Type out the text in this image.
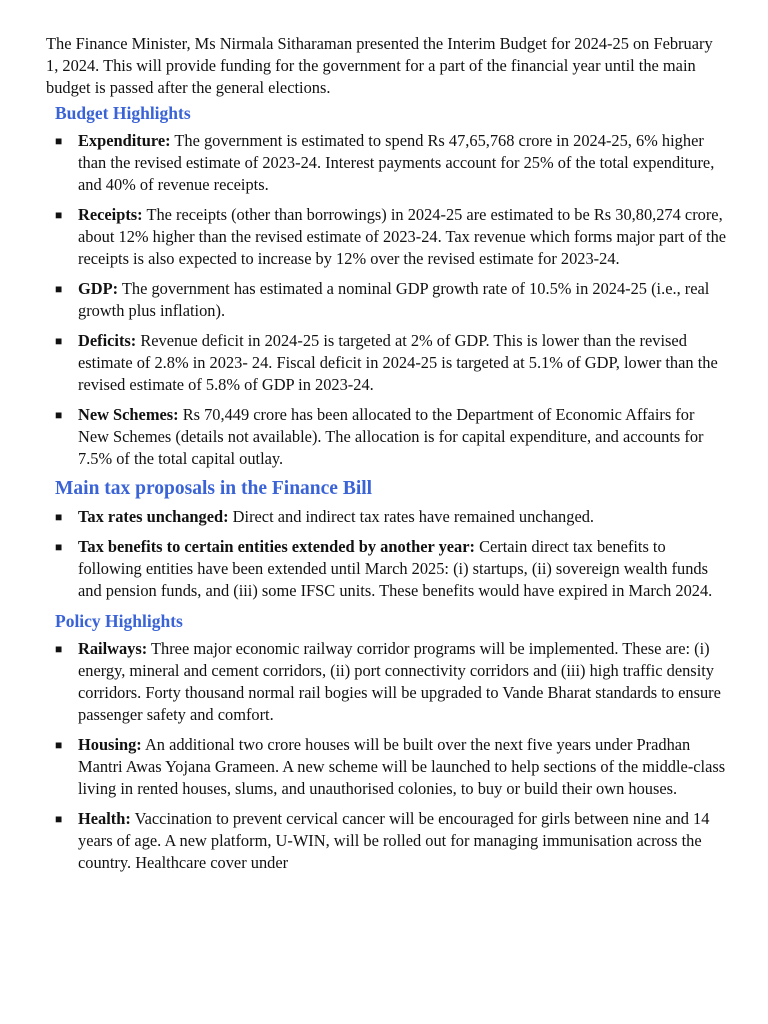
The Finance Minister, Ms Nirmala Sitharaman presented the Interim Budget for 2024-25 on February 1, 2024. This will provide funding for the government for a part of the financial year until the main budget is passed after the general elections.

Budget Highlights
■ Expenditure: The government is estimated to spend Rs 47,65,768 crore in 2024-25, 6% higher than the revised estimate of 2023-24. Interest payments account for 25% of the total expenditure, and 40% of revenue receipts.
■ Receipts: The receipts (other than borrowings) in 2024-25 are estimated to be Rs 30,80,274 crore, about 12% higher than the revised estimate of 2023-24. Tax revenue which forms major part of the receipts is also expected to increase by 12% over the revised estimate for 2023-24.
■ GDP: The government has estimated a nominal GDP growth rate of 10.5% in 2024-25 (i.e., real growth plus inflation).
■ Deficits: Revenue deficit in 2024-25 is targeted at 2% of GDP. This is lower than the revised estimate of 2.8% in 2023- 24. Fiscal deficit in 2024-25 is targeted at 5.1% of GDP, lower than the revised estimate of 5.8% of GDP in 2023-24.
■ New Schemes: Rs 70,449 crore has been allocated to the Department of Economic Affairs for New Schemes (details not available). The allocation is for capital expenditure, and accounts for 7.5% of the total capital outlay.
Main tax proposals in the Finance Bill
■ Tax rates unchanged: Direct and indirect tax rates have remained unchanged.
■ Tax benefits to certain entities extended by another year: Certain direct tax benefits to following entities have been extended until March 2025: (i) startups, (ii) sovereign wealth funds and pension funds, and (iii) some IFSC units. These benefits would have expired in March 2024.
Policy Highlights
■ Railways: Three major economic railway corridor programs will be implemented. These are: (i) energy, mineral and cement corridors, (ii) port connectivity corridors and (iii) high traffic density corridors. Forty thousand normal rail bogies will be upgraded to Vande Bharat standards to ensure passenger safety and comfort.
■ Housing: An additional two crore houses will be built over the next five years under Pradhan Mantri Awas Yojana Grameen. A new scheme will be launched to help sections of the middle-class living in rented houses, slums, and unauthorised colonies, to buy or build their own houses.
■ Health: Vaccination to prevent cervical cancer will be encouraged for girls between nine and 14 years of age. A new platform, U-WIN, will be rolled out for managing immunisation across the country. Healthcare cover under
